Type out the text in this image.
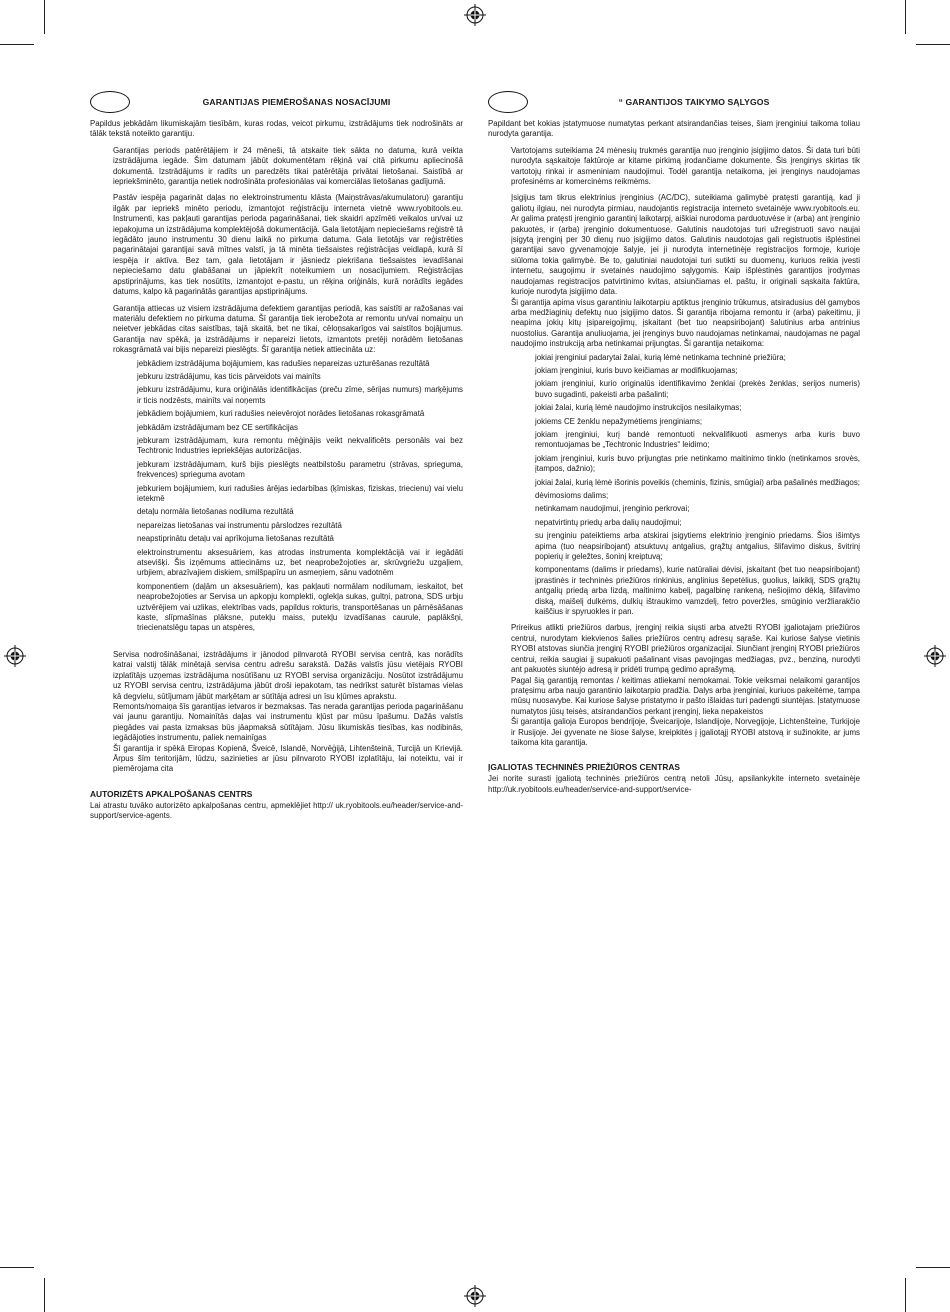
GARANTIJAS PIEMĒROŠANAS NOSACĪJUMI

Papildus jebkādām likumiskajām tiesībām, kuras rodas, veicot pirkumu, izstrādājums tiek nodrošināts ar tālāk tekstā noteikto garantiju.

Garantijas periods patērētājiem ir 24 mēneši, tā atskaite tiek sākta no datuma, kurā veikta izstrādājuma iegāde. Šim datumam jābūt dokumentētam rēķinā vai citā pirkumu apliecinošā dokumentā. Izstrādājums ir radīts un paredzēts tikai patērētāja privātai lietošanai. Saistībā ar iepriekšminēto, garantija netiek nodrošināta profesionālas vai komerciālas lietošanas gadījumā.

Pastāv iespēja pagarināt daļas no elektroinstrumentu klāsta (Maiņstrāvas/akumulatoru) garantiju ilgāk par iepriekš minēto periodu, izmantojot reģistrāciju interneta vietnē www.ryobitools.eu. Instrumenti, kas pakļauti garantijas perioda pagarināšanai, tiek skaidri apzīmēti veikalos un/vai uz iepakojuma un izstrādājuma komplektējošā dokumentācijā. Gala lietotājam nepieciešams reģistrē tā iegādāto jauno instrumentu 30 dienu laikā no pirkuma datuma. Gala lietotājs var reģistrēties pagarinātajai garantijai savā mītnes valstī, ja tā minēta tiešsaistes reģistrācijas veidlapā, kurā šī iespēja ir aktīva. Bez tam, gala lietotājam ir jāsniedz piekrišana tiešsaistes ievadīšanai nepieciešamo datu glabāšanai un jāpiekrīt noteikumiem un nosacījumiem. Reģistrācijas apstiprinājums, kas tiek nosūtīts, izmantojot e-pastu, un rēķina oriģināls, kurā norādīts iegādes datums, kalpo kā pagarinātās garantijas apstiprinājums.

Garantija attiecas uz visiem izstrādājuma defektiem garantijas periodā, kas saistīti ar ražošanas vai materiālu defektiem no pirkuma datuma. Šī garantija tiek ierobežota ar remontu un/vai nomaiņu un neietver jebkādas citas saistības, tajā skaitā, bet ne tikai, cēloņsakarīgos vai saistītos bojājumus. Garantija nav spēkā, ja izstrādājums ir nepareizi lietots, izmantots pretēji norādēm lietošanas rokasgrāmatā vai bijis nepareizi pieslēgts. Šī garantija netiek attiecināta uz:

jebkādiem izstrādājuma bojājumiem, kas radušies nepareizas uzturēšanas rezultātā

jebkuru izstrādājumu, kas ticis pārveidots vai mainīts

jebkuru izstrādājumu, kura oriģinālās identifikācijas (preču zīme, sērijas numurs) marķējums ir ticis nodzēsts, mainīts vai noņemts

jebkādiem bojājumiem, kuri radušies neievērojot norādes lietošanas rokasgrāmatā

jebkādām izstrādājumam bez CE sertifikācijas

jebkuram izstrādājumam, kura remontu mēģinājis veikt nekvalificēts personāls vai bez Techtronic Industries iepriekšējas autorizācijas.

jebkuram izstrādājumam, kurš bijis pieslēgts neatbilstošu parametru (strāvas, sprieguma, frekvences) spriegumа avotam

jebkuriem bojājumiem, kuri radušies ārējas iedarbības (ķīmiskas, fiziskas, triecienu) vai vielu ietekmē

detaļu normāla lietošanas nodiluma rezultātā

nepareizas lietošanas vai instrumentu pārslodzes rezultātā

neapstiprinātu detaļu vai aprīkojuma lietošanas rezultātā

elektroinstrumentu aksesuāriem, kas atrodas instrumenta komplektācijā vai ir iegādāti atsevišķi. Šis izņēmums attiecināms uz, bet neaprobežojoties ar, skrūvgriežu uzgaļiem, urbjiem, abrazīvajiem diskiem, smilšpapīru un asmeņiem, sānu vadotnēm

komponentiem (daļām un aksesuāriem), kas pakļauti normālam nodilumam, ieskaitot, bet neaprobežojoties ar Servisa un apkopju komplekti, oglekļa sukas, gultņi, patrona, SDS urbju uztvērējiem vai uzlikas, elektrības vads, papildus rokturis, transportēšanas un pārnēsāšanas kaste, slīpmašīnas plāksne, putekļu maiss, putekļu izvadīšanas caurule, paplākšņi, triecienatslēgu tapas un atspères,

Servisa nodrošināšanai, izstrādājums ir jānodod pilnvarotā RYOBI servisa centrā, kas norādīts katrai valstij tālāk minētajā servisa centru adrešu sarakstā. Dažās valstīs jūsu vietējais RYOBI izplatītājs uzņemas izstrādājuma nosūtīšanu uz RYOBI servisa organizāciju. Nosūtot izstrādājumu uz RYOBI servisa centru, izstrādājuma jābūt droši iepakotam, tas nedrīkst saturēt bīstamas vielas kā degvielu, sūtījumam jābūt marķētam ar sūtītāja adresi un īsu kļūmes aprakstu.

Remonts/nomaiņa šīs garantijas ietvaros ir bezmaksas. Tas nerada garantijas perioda pagarināšanu vai jaunu garantiju. Nomainītās daļas vai instrumentu kļūst par mūsu īpašumu. Dažās valstīs piegādes vai pasta izmaksas būs jāapmaksā sūtītājam. Jūsu likumiskās tiesības, kas nodibinās, iegādājoties instrumentu, paliek nemainīgas

Šī garantija ir spēkā Eiropas Kopienā, Šveicē, Islandē, Norvēģijā, Lihtenšteinā, Turcijā un Krievijā. Ārpus šīm teritorijām, lūdzu, sazinieties ar jūsu pilnvaroto RYOBI izplatītāju, lai noteiktu, vai ir piemērojama cita

AUTORIZĒTS APKALPOŠANAS CENTRS

Lai atrastu tuvāko autorizēto apkalpošanas centru, apmeklējiet http:// uk.ryobitools.eu/header/service-and-support/service-agents.

“ GARANTIJOS TAIKYMO SĄLYGOS

Papildant bet kokias įstatymuose numatytas perkant atsirandančias teises, šiam įrenginiui taikoma toliau nurodyta garantija.

Vartotojams suteikiama 24 mėnesių trukmės garantija nuo įrenginio įsigijimo datos. Ši data turi būti nurodyta sąskaitoje faktūroje ar kitame pirkimą įrodančiame dokumente. Šis įrenginys skirtas tik vartotojų rinkai ir asmeniniam naudojimui. Todėl garantija netaikoma, jei įrenginys naudojamas profesinėms ar komercinėms reikmėms.

Įsigijus tam tikrus elektrinius įrenginius (AC/DC), suteikiama galimybė pratęsti garantiją, kad ji galiotų ilgiau, nei nurodyta pirmiau, naudojantis registracija interneto svetainėje www.ryobitools.eu. Ar galima pratęsti įrenginio garantinį laikotarpį, aiškiai nurodoma parduotuvėse ir (arba) ant įrenginio pakuotės, ir (arba) įrenginio dokumentuose. Galutinis naudotojas turi užregistruoti savo naujai įsigytą įrenginį per 30 dienų nuo įsigijimo datos. Galutinis naudotojas gali registruotis išplėstinei garantijai savo gyvenamojoje šalyje, jei ji nurodyta internetinėje registracijos formoje, kurioje siūloma tokia galimybė. Be to, galutiniai naudotojai turi sutikti su duomenų, kuriuos reikia įvesti internetu, saugojimu ir svetainės naudojimo sąlygomis. Kaip išplėstinės garantijos įrodymas naudojamas registracijos patvirtinimo kvitas, atsiunčiamas el. paštu, ir originali sąskaita faktūra, kurioje nurodyta įsigijimo data.

Ši garantija apima visus garantiniu laikotarpiu aptiktus įrenginio trūkumus, atsiradusius dėl gamybos arba medžiaginių defektų nuo įsigijimo datos. Ši garantija ribojama remontu ir (arba) pakeitimu, ji neapima jokių kitų įsipareigojimų, įskaitant (bet tuo neapsiribojant) šalutinius arba antrinius nuostolius. Garantija anuliuojama, jei įrenginys buvo naudojamas netinkamai, naudojamas ne pagal naudojimo instrukciją arba netinkamai prijungtas. Ši garantija netaikoma:

jokiai įrenginiui padarytai žalai, kurią lėmė netinkama techninė priežiūra;

jokiam įrenginiui, kuris buvo keičiamas ar modifikuojamas;

jokiam įrenginiui, kurio originalūs identifikavimo ženklai (prekės ženklas, serijos numeris) buvo sugadinti, pakeisti arba pašalinti;

jokiai žalai, kurią lėmė naudojimo instrukcijos nesilaikymas;

jokiems CE ženklu nepažymėtiems įrenginiams;

jokiam įrenginiui, kurį bandė remontuoti nekvalifikuoti asmenys arba kuris buvo remontuojamas be „Techtronic Industries“ leidimo;

jokiam įrenginiui, kuris buvo prijungtas prie netinkamo maitinimo tinklo (netinkamos srovės, įtampos, dažnio);

jokiai žalai, kurią lėmė išorinis poveikis (cheminis, fizinis, smūgiai) arba pašalinės medžiagos;

dėvimosioms dalims;

netinkamam naudojimui, įrenginio perkrovai;

nepatvirtintų priedų arba dalių naudojimui;

su įrenginiu pateiktiems arba atskirai įsigytiems elektrinio įrenginio priedams. Šios išimtys apima (tuo neapsiribojant) atsuktuvų antgalius, grąžtų antgalius, šlifavimo diskus, švitrinį popierių ir geležtes, šoninį kreiptuvą;

komponentams (dalims ir priedams), kurie natūraliai dėvisi, įskaitant (bet tuo neapsiribojant) įprastinės ir techninės priežiūros rinkinius, anglinius šepetėlius, guolius, laikiklį, SDS grąžtų antgalių priedą arba lizdą, maitinimo kabelį, pagalbinę rankeną, nešiojimo dėklą, šlifavimo diską, maišelį dulkėms, dulkių ištraukimo vamzdelį, fetro poveržles, smūginio veržliarakčio kaiščius ir spyruokles ir pan.

Prireikus atlikti priežiūros darbus, įrenginį reikia siųsti arba atvežti RYOBI įgaliotajam priežiūros centrui, nurodytam kiekvienos šalies priežiūros centrų adresų sąraše. Kai kuriose šalyse vietinis RYOBI atstovas siunčia įrenginį RYOBI priežiūros organizacijai. Siunčiant įrenginį RYOBI priežiūros centrui, reikia saugiai jį supakuoti pašalinant visas pavojingas medžiagas, pvz., benziną, nurodyti ant pakuotės siuntėjo adresą ir pridėti trumpą gedimo aprašymą.

Pagal šią garantiją remontas / keitimas atliekami nemokamai. Tokie veiksmai nelaikomi garantijos pratęsimu arba naujo garantinio laikotarpio pradžia. Dalys arba įrenginiai, kuriuos pakeitėme, tampa mūsų nuosavybe. Kai kuriose šalyse pristatymo ir pašto išlaidas turi padengti siuntėjas. Įstatymuose numatytos jūsų teisės, atsirandančios perkant įrenginį, lieka nepakeistos

Ši garantija galioja Europos bendrijoje, Šveicarijoje, Islandijoje, Norvegijoje, Lichtenšteine, Turkijoje ir Rusijoje. Jei gyvenate ne šiose šalyse, kreipkitės į įgaliotąjį RYOBI atstovą ir sužinokite, ar jums taikoma kita garantija.

ĮGALIOTAS TECHNINĖS PRIEŽIŪROS CENTRAS

Jei norite surasti įgaliotą techninės priežiūros centrą netoli Jūsų, apsilankykite interneto svetainėje http://uk.ryobitools.eu/header/service-and-support/service-
